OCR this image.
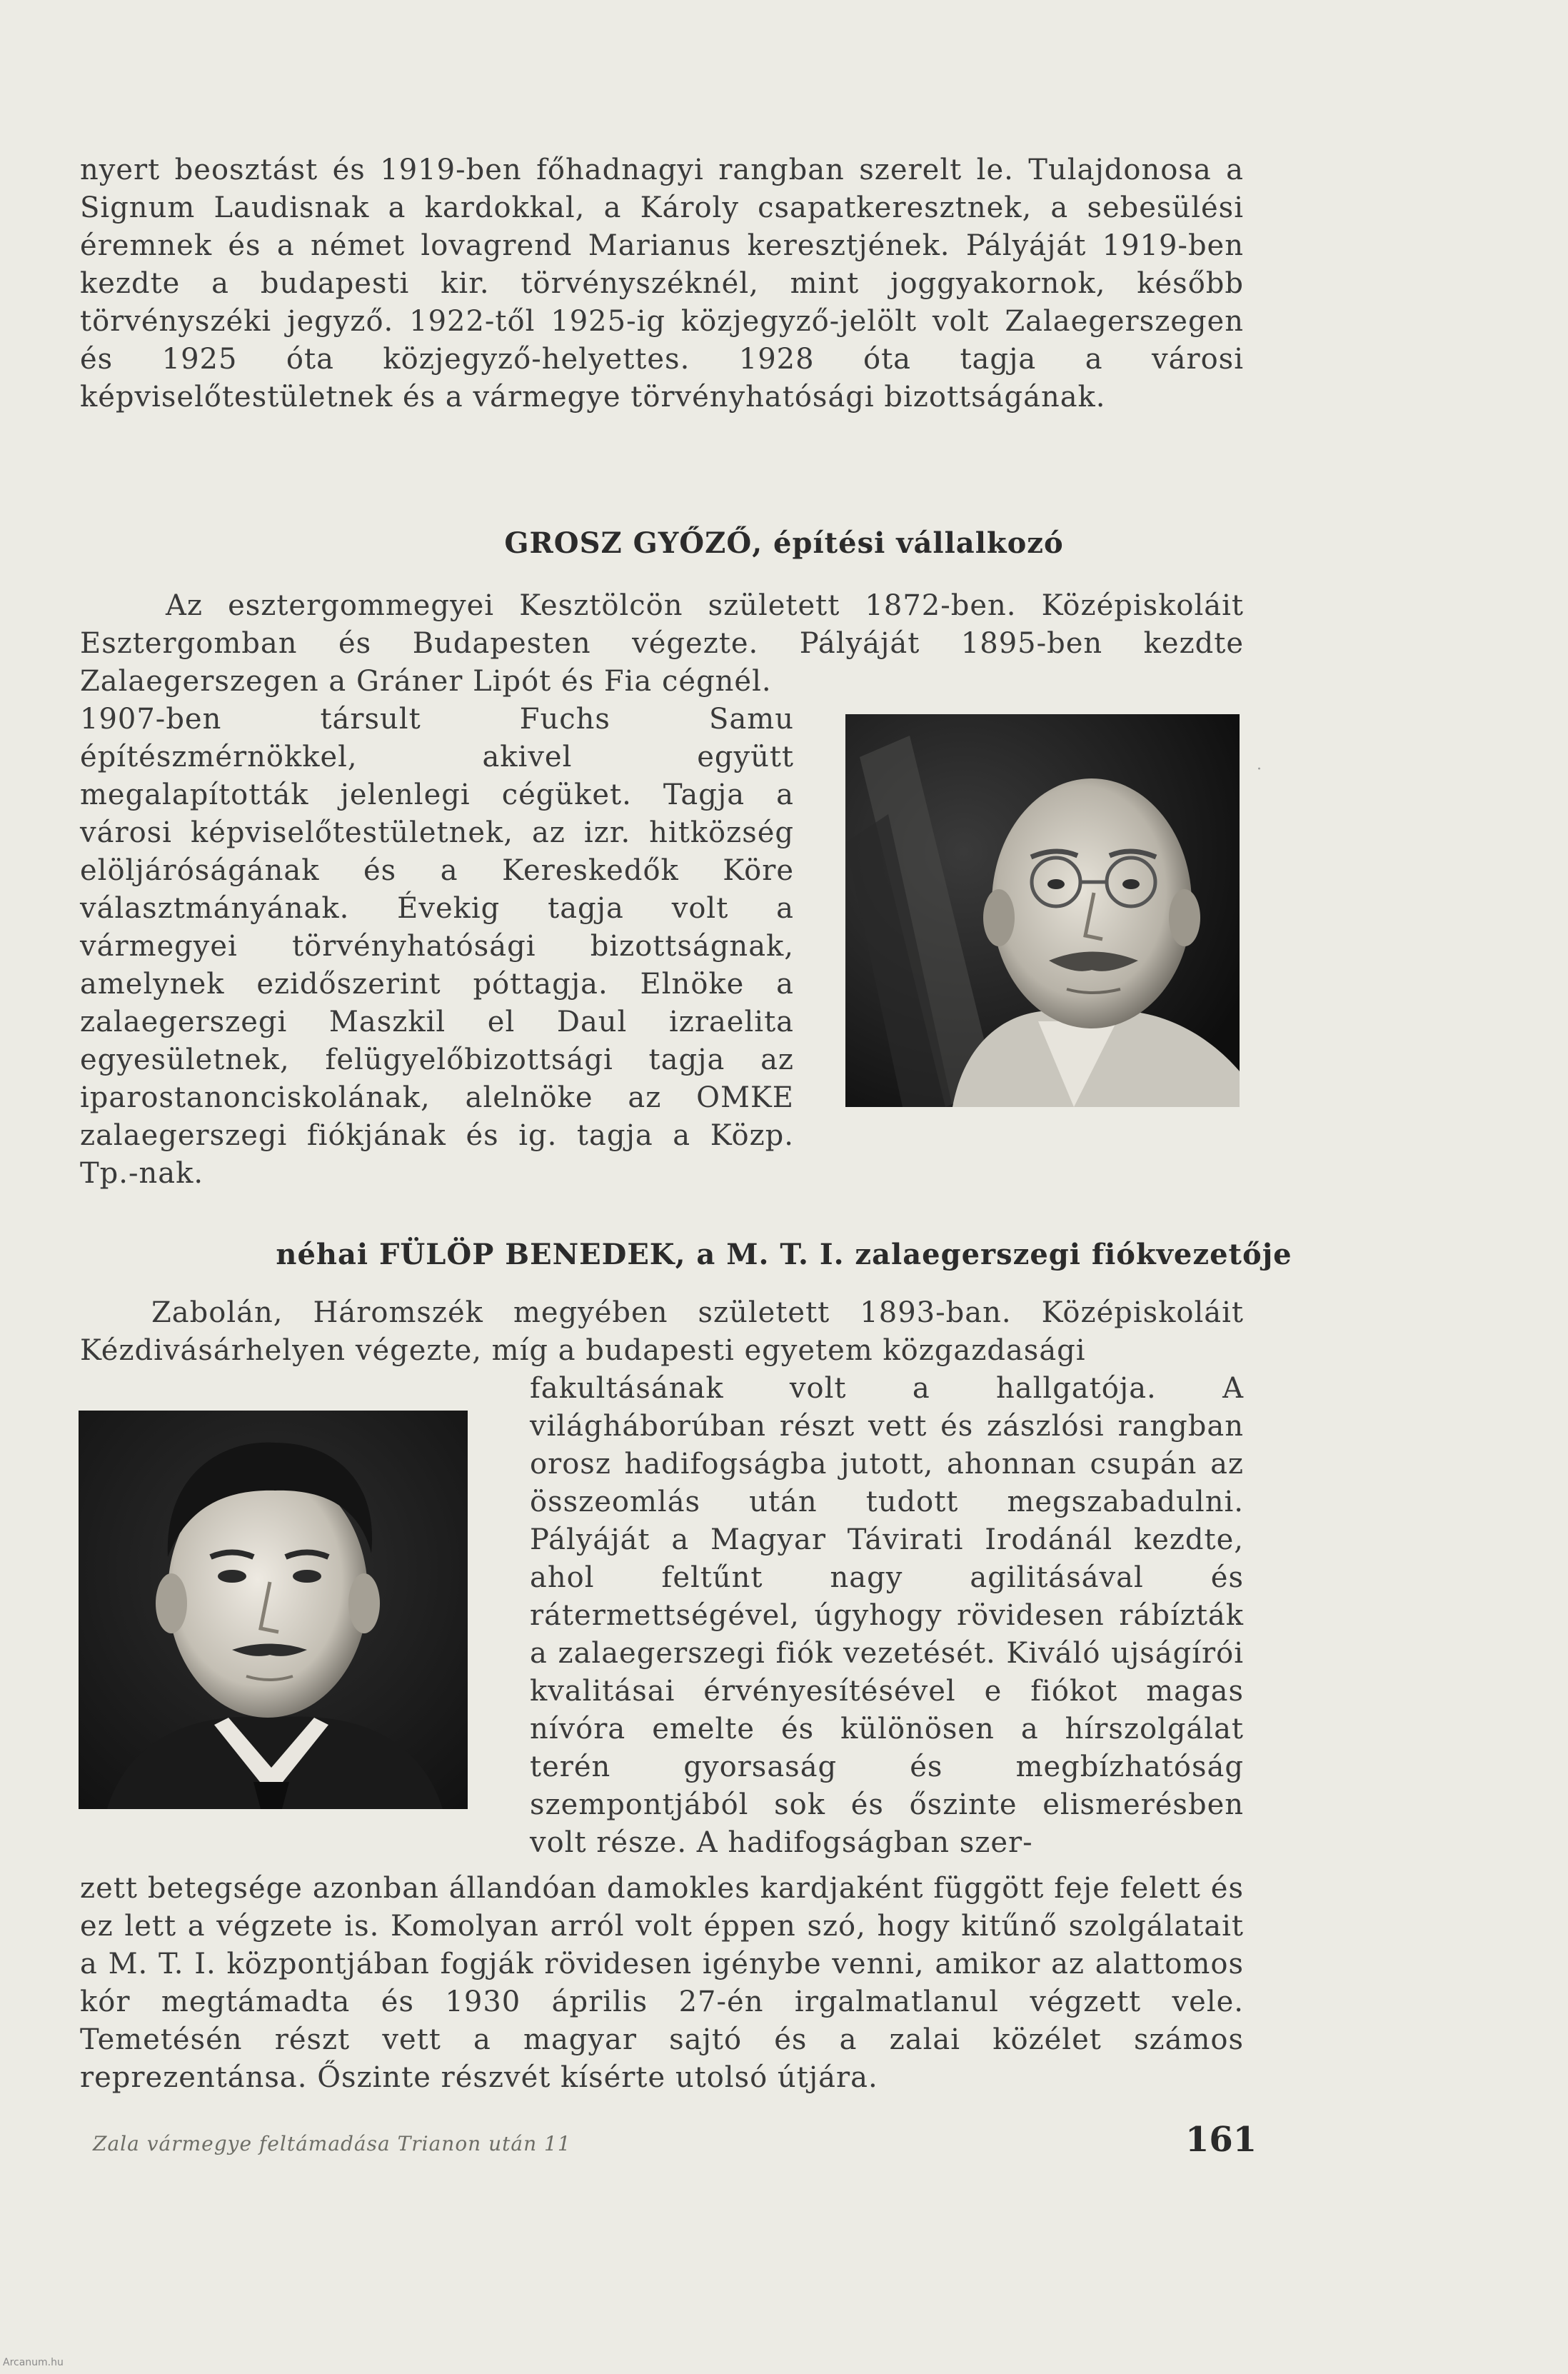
nyert beosztást és 1919-ben főhadnagyi rangban szerelt le. Tulajdonosa a Signum Laudisnak a kardokkal, a Károly csapatkeresztnek, a sebesülési éremnek és a német lovagrend Marianus keresztjének. Pályáját 1919-ben kezdte a budapesti kir. törvényszéknél, mint joggyakornok, később törvényszéki jegyző. 1922-től 1925-ig közjegyző-jelölt volt Zalaegerszegen és 1925 óta közjegyző-helyettes. 1928 óta tagja a városi képviselőtestületnek és a vármegye törvényhatósági bizottságának.

GROSZ GYŐZŐ, építési vállalkozó

Az esztergommegyei Kesztölcön született 1872-ben. Középiskoláit Esztergomban és Budapesten végezte. Pályáját 1895-ben kezdte Zalaegerszegen a Gráner Lipót és Fia cégnél.

1907-ben társult Fuchs Samu építészmérnökkel, akivel együtt megalapították jelenlegi cégüket. Tagja a városi képviselőtestületnek, az izr. hitközség elöljáróságának és a Kereskedők Köre választmányának. Évekig tagja volt a vármegyei törvényhatósági bizottságnak, amelynek ezidőszerint póttagja. Elnöke a zalaegerszegi Maszkil el Daul izraelita egyesületnek, felügyelőbizottsági tagja az iparostanonciskolának, alelnöke az OMKE zalaegerszegi fiókjának és ig. tagja a Közp. Tp.-nak.

néhai FÜLÖP BENEDEK, a M. T. I. zalaegerszegi fiókvezetője

Zabolán, Háromszék megyében született 1893-ban. Középiskoláit Kézdivásárhelyen végezte, míg a budapesti egyetem közgazdasági

fakultásának volt a hallgatója. A világháborúban részt vett és zászlósi rangban orosz hadifogságba jutott, ahonnan csupán az összeomlás után tudott megszabadulni. Pályáját a Magyar Távirati Irodánál kezdte, ahol feltűnt nagy agilitásával és rátermettségével, úgyhogy rövidesen rábízták a zalaegerszegi fiók vezetését. Kiváló ujságírói kvalitásai érvényesítésével e fiókot magas nívóra emelte és különösen a hírszolgálat terén gyorsaság és megbízhatóság szempontjából sok és őszinte elismerésben volt része. A hadifogságban szer-

zett betegsége azonban állandóan damokles kardjaként függött feje felett és ez lett a végzete is. Komolyan arról volt éppen szó, hogy kitűnő szolgálatait a M. T. I. központjában fogják rövidesen igénybe venni, amikor az alattomos kór megtámadta és 1930 április 27-én irgalmatlanul végzett vele. Temetésén részt vett a magyar sajtó és a zalai közélet számos reprezentánsa. Őszinte részvét kísérte utolsó útjára.

Zala vármegye feltámadása Trianon után 11	161
·
Arcanum.hu
